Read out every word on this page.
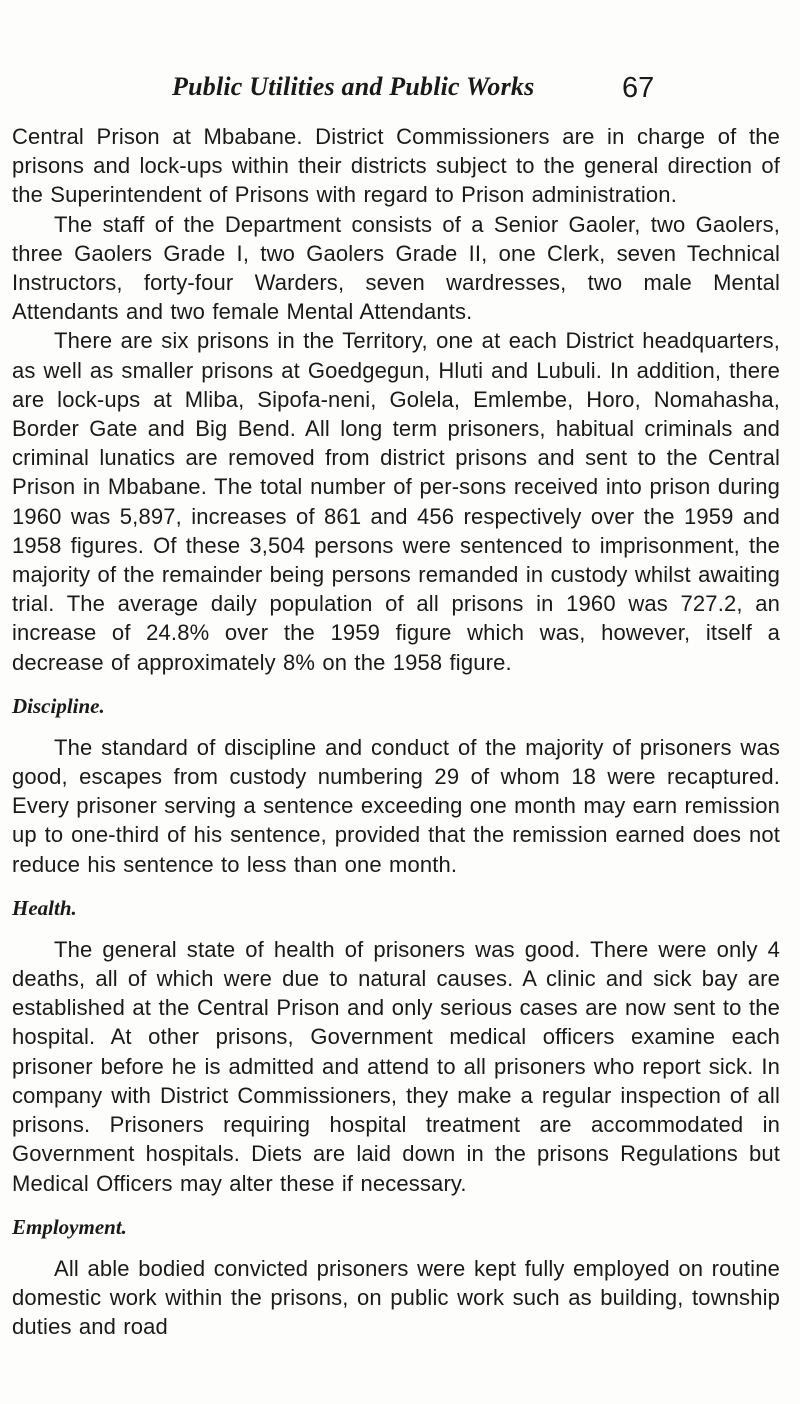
Public Utilities and Public Works	67

Central Prison at Mbabane. District Commissioners are in charge of the prisons and lock-ups within their districts subject to the general direction of the Superintendent of Prisons with regard to Prison administration.

The staff of the Department consists of a Senior Gaoler, two Gaolers, three Gaolers Grade I, two Gaolers Grade II, one Clerk, seven Technical Instructors, forty-four Warders, seven wardresses, two male Mental Attendants and two female Mental Attendants.

There are six prisons in the Territory, one at each District headquarters, as well as smaller prisons at Goedgegun, Hluti and Lubuli. In addition, there are lock-ups at Mliba, Sipofa-neni, Golela, Emlembe, Horo, Nomahasha, Border Gate and Big Bend. All long term prisoners, habitual criminals and criminal lunatics are removed from district prisons and sent to the Central Prison in Mbabane. The total number of per-sons received into prison during 1960 was 5,897, increases of 861 and 456 respectively over the 1959 and 1958 figures. Of these 3,504 persons were sentenced to imprisonment, the majority of the remainder being persons remanded in custody whilst awaiting trial. The average daily population of all prisons in 1960 was 727.2, an increase of 24.8% over the 1959 figure which was, however, itself a decrease of approximately 8% on the 1958 figure.

Discipline.

The standard of discipline and conduct of the majority of prisoners was good, escapes from custody numbering 29 of whom 18 were recaptured. Every prisoner serving a sentence exceeding one month may earn remission up to one-third of his sentence, provided that the remission earned does not reduce his sentence to less than one month.

Health.

The general state of health of prisoners was good. There were only 4 deaths, all of which were due to natural causes. A clinic and sick bay are established at the Central Prison and only serious cases are now sent to the hospital. At other prisons, Government medical officers examine each prisoner before he is admitted and attend to all prisoners who report sick. In company with District Commissioners, they make a regular inspection of all prisons. Prisoners requiring hospital treatment are accommodated in Government hospitals. Diets are laid down in the prisons Regulations but Medical Officers may alter these if necessary.

Employment.

All able bodied convicted prisoners were kept fully employed on routine domestic work within the prisons, on public work such as building, township duties and road
